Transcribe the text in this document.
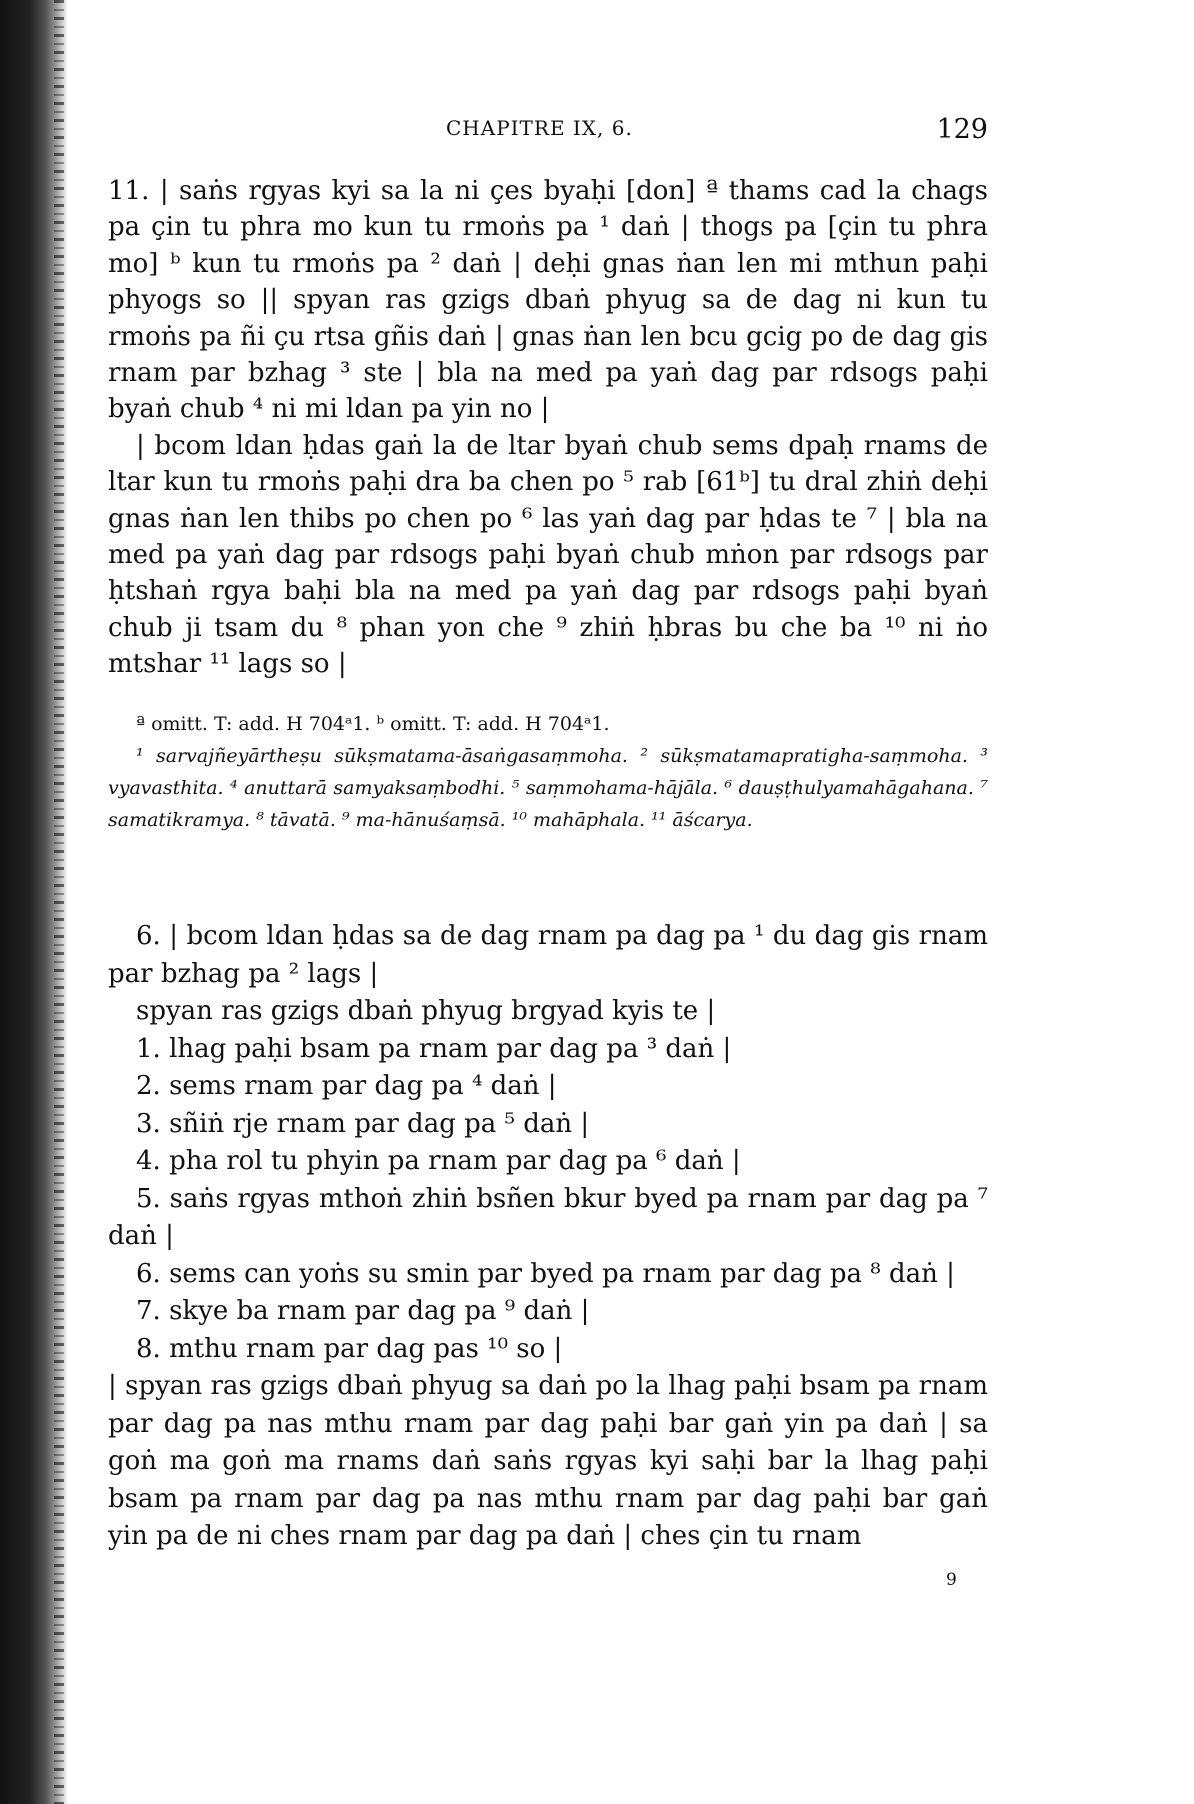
CHAPITRE IX, 6.	129

11. | saṅs rgyas kyi sa la ni çes byaḥi [don] ª thams cad la chags pa çin tu phra mo kun tu rmoṅs pa ¹ daṅ | thogs pa [çin tu phra mo] ᵇ kun tu rmoṅs pa ² daṅ | deḥi gnas ṅan len mi mthun paḥi phyogs so || spyan ras gzigs dbaṅ phyug sa de dag ni kun tu rmoṅs pa ñi çu rtsa gñis daṅ | gnas ṅan len bcu gcig po de dag gis rnam par bzhag ³ ste | bla na med pa yaṅ dag par rdsogs paḥi byaṅ chub ⁴ ni mi ldan pa yin no |

| bcom ldan ḥdas gaṅ la de ltar byaṅ chub sems dpaḥ rnams de ltar kun tu rmoṅs paḥi dra ba chen po ⁵ rab [61ᵇ] tu dral zhiṅ deḥi gnas ṅan len thibs po chen po ⁶ las yaṅ dag par ḥdas te ⁷ | bla na med pa yaṅ dag par rdsogs paḥi byaṅ chub mṅon par rdsogs par ḥtshaṅ rgya baḥi bla na med pa yaṅ dag par rdsogs paḥi byaṅ chub ji tsam du ⁸ phan yon che ⁹ zhiṅ ḥbras bu che ba ¹⁰ ni ṅo mtshar ¹¹ lags so |

ª omitt. T: add. H 704ᵃ1. ᵇ omitt. T: add. H 704ᵃ1.

¹ sarvajñeyārtheṣu sūkṣmatama-āsaṅgasaṃmoha. ² sūkṣmatamapratigha-saṃmoha. ³ vyavasthita. ⁴ anuttarā samyaksaṃbodhi. ⁵ saṃmohama-hājāla. ⁶ dauṣṭhulyamahāgahana. ⁷ samatikramya. ⁸ tāvatā. ⁹ ma-hānuśaṃsā. ¹⁰ mahāphala. ¹¹ āścarya.

6. | bcom ldan ḥdas sa de dag rnam pa dag pa ¹ du dag gis rnam par bzhag pa ² lags |

spyan ras gzigs dbaṅ phyug brgyad kyis te |

1. lhag paḥi bsam pa rnam par dag pa ³ daṅ |

2. sems rnam par dag pa ⁴ daṅ |

3. sñiṅ rje rnam par dag pa ⁵ daṅ |

4. pha rol tu phyin pa rnam par dag pa ⁶ daṅ |

5. saṅs rgyas mthoṅ zhiṅ bsñen bkur byed pa rnam par dag pa ⁷ daṅ |

6. sems can yoṅs su smin par byed pa rnam par dag pa ⁸ daṅ |

7. skye ba rnam par dag pa ⁹ daṅ |

8. mthu rnam par dag pas ¹⁰ so |

| spyan ras gzigs dbaṅ phyug sa daṅ po la lhag paḥi bsam pa rnam par dag pa nas mthu rnam par dag paḥi bar gaṅ yin pa daṅ | sa goṅ ma goṅ ma rnams daṅ saṅs rgyas kyi saḥi bar la lhag paḥi bsam pa rnam par dag pa nas mthu rnam par dag paḥi bar gaṅ yin pa de ni ches rnam par dag pa daṅ | ches çin tu rnam

9
